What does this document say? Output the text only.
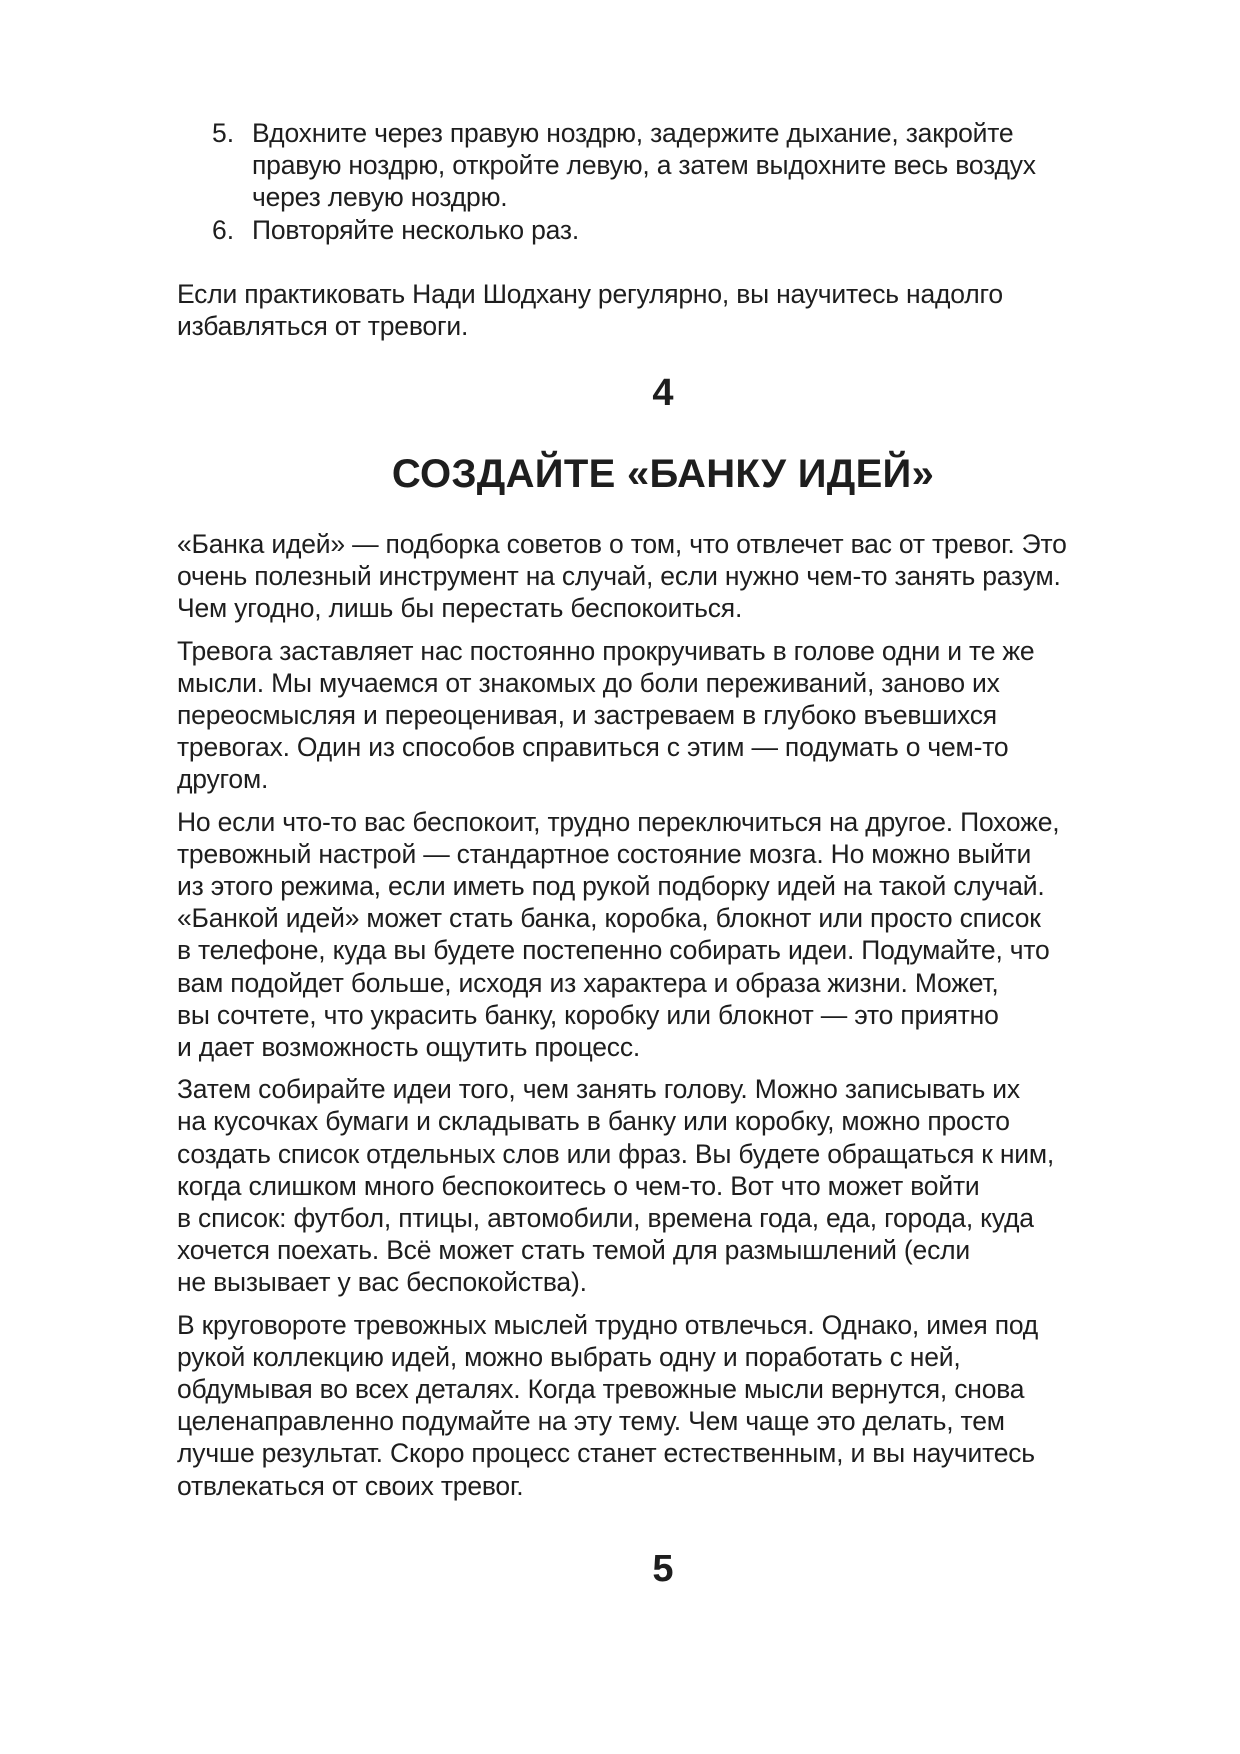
5. Вдохните через правую ноздрю, задержите дыхание, закройте
правую ноздрю, откройте левую, а затем выдохните весь воздух
через левую ноздрю.
6. Повторяйте несколько раз.
Если практиковать Нади Шодхану регулярно, вы научитесь надолго
избавляться от тревоги.
4
СОЗДАЙТЕ «БАНКУ ИДЕЙ»
«Банка идей» — подборка советов о том, что отвлечет вас от тревог. Это
очень полезный инструмент на случай, если нужно чем-то занять разум.
Чем угодно, лишь бы перестать беспокоиться.
Тревога заставляет нас постоянно прокручивать в голове одни и те же
мысли. Мы мучаемся от знакомых до боли переживаний, заново их
переосмысляя и переоценивая, и застреваем в глубоко въевшихся
тревогах. Один из способов справиться с этим — подумать о чем-то
другом.
Но если что-то вас беспокоит, трудно переключиться на другое. Похоже,
тревожный настрой — стандартное состояние мозга. Но можно выйти
из этого режима, если иметь под рукой подборку идей на такой случай.
«Банкой идей» может стать банка, коробка, блокнот или просто список
в телефоне, куда вы будете постепенно собирать идеи. Подумайте, что
вам подойдет больше, исходя из характера и образа жизни. Может,
вы сочтете, что украсить банку, коробку или блокнот — это приятно
и дает возможность ощутить процесс.
Затем собирайте идеи того, чем занять голову. Можно записывать их
на кусочках бумаги и складывать в банку или коробку, можно просто
создать список отдельных слов или фраз. Вы будете обращаться к ним,
когда слишком много беспокоитесь о чем-то. Вот что может войти
в список: футбол, птицы, автомобили, времена года, еда, города, куда
хочется поехать. Всё может стать темой для размышлений (если
не вызывает у вас беспокойства).
В круговороте тревожных мыслей трудно отвлечься. Однако, имея под
рукой коллекцию идей, можно выбрать одну и поработать с ней,
обдумывая во всех деталях. Когда тревожные мысли вернутся, снова
целенаправленно подумайте на эту тему. Чем чаще это делать, тем
лучше результат. Скоро процесс станет естественным, и вы научитесь
отвлекаться от своих тревог.
5
